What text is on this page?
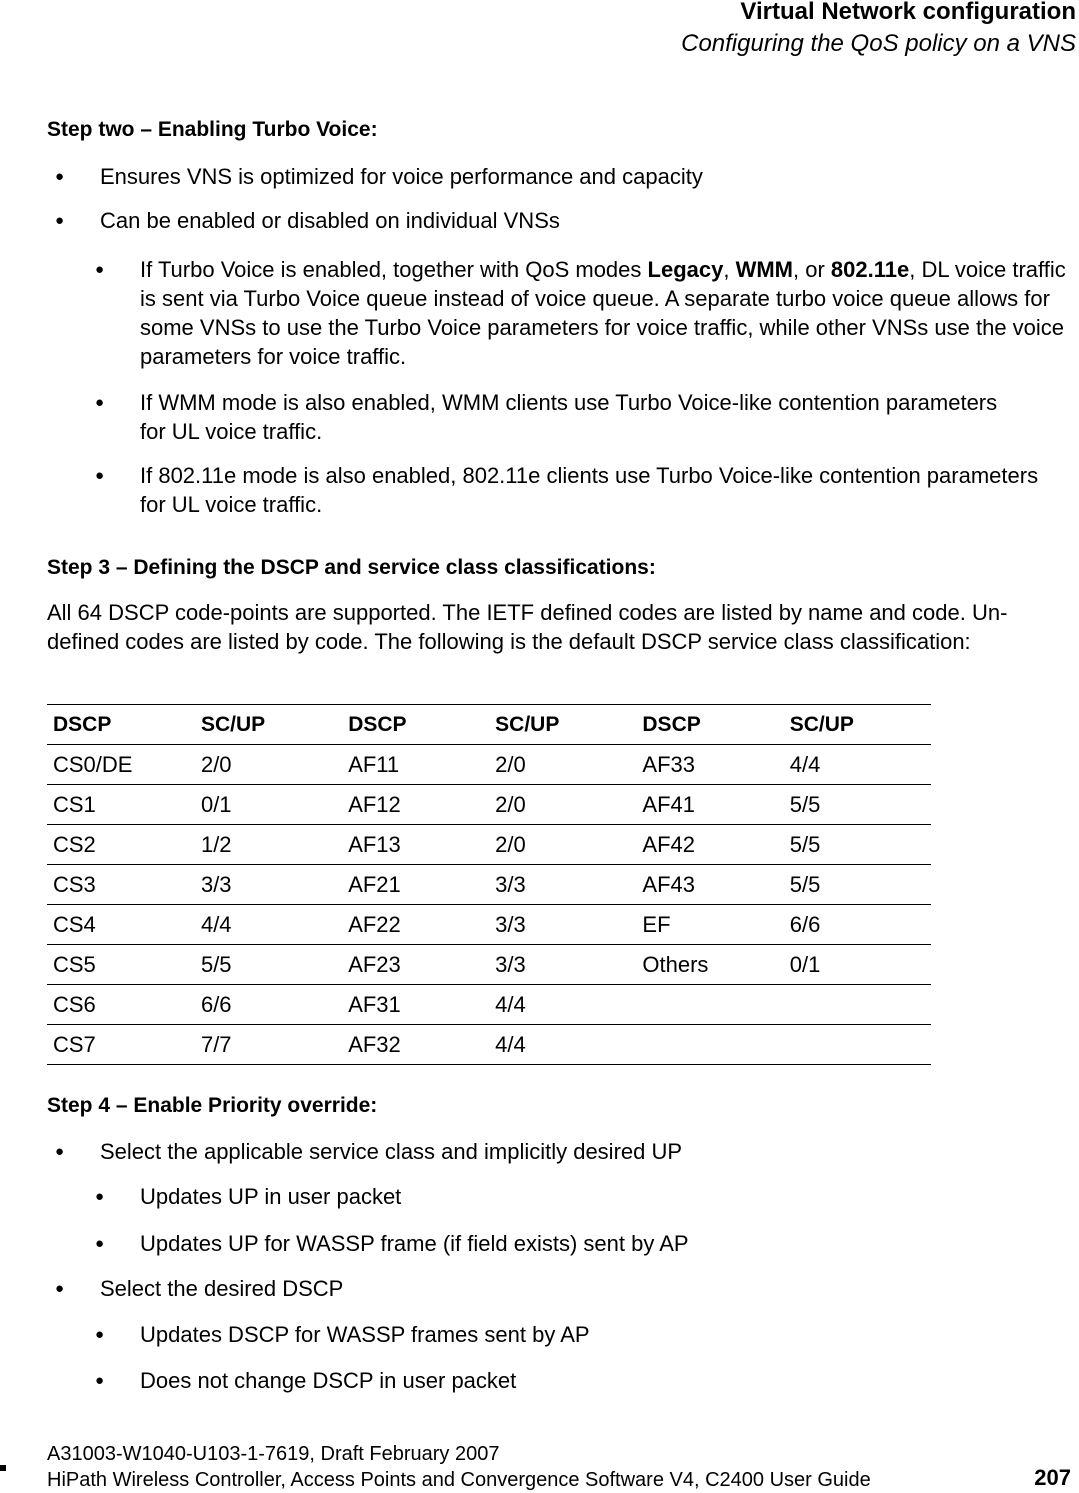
Virtual Network configuration
Configuring the QoS policy on a VNS
Step two – Enabling Turbo Voice:
● Ensures VNS is optimized for voice performance and capacity
● Can be enabled or disabled on individual VNSs
● If Turbo Voice is enabled, together with QoS modes Legacy, WMM, or 802.11e, DL voice traffic is sent via Turbo Voice queue instead of voice queue. A separate turbo voice queue allows for some VNSs to use the Turbo Voice parameters for voice traffic, while other VNSs use the voice parameters for voice traffic.
● If WMM mode is also enabled, WMM clients use Turbo Voice-like contention parameters for UL voice traffic.
● If 802.11e mode is also enabled, 802.11e clients use Turbo Voice-like contention parameters for UL voice traffic.
Step 3 – Defining the DSCP and service class classifications:
All 64 DSCP code-points are supported. The IETF defined codes are listed by name and code. Un-defined codes are listed by code. The following is the default DSCP service class classification:
DSCP	SC/UP	DSCP	SC/UP	DSCP	SC/UP
CS0/DE	2/0	AF11	2/0	AF33	4/4
CS1	0/1	AF12	2/0	AF41	5/5
CS2	1/2	AF13	2/0	AF42	5/5
CS3	3/3	AF21	3/3	AF43	5/5
CS4	4/4	AF22	3/3	EF	6/6
CS5	5/5	AF23	3/3	Others	0/1
CS6	6/6	AF31	4/4		
CS7	7/7	AF32	4/4		
Step 4 – Enable Priority override:
● Select the applicable service class and implicitly desired UP
● Updates UP in user packet
● Updates UP for WASSP frame (if field exists) sent by AP
● Select the desired DSCP
● Updates DSCP for WASSP frames sent by AP
● Does not change DSCP in user packet
A31003-W1040-U103-1-7619, Draft February 2007
HiPath Wireless Controller, Access Points and Convergence Software V4, C2400 User Guide	207
